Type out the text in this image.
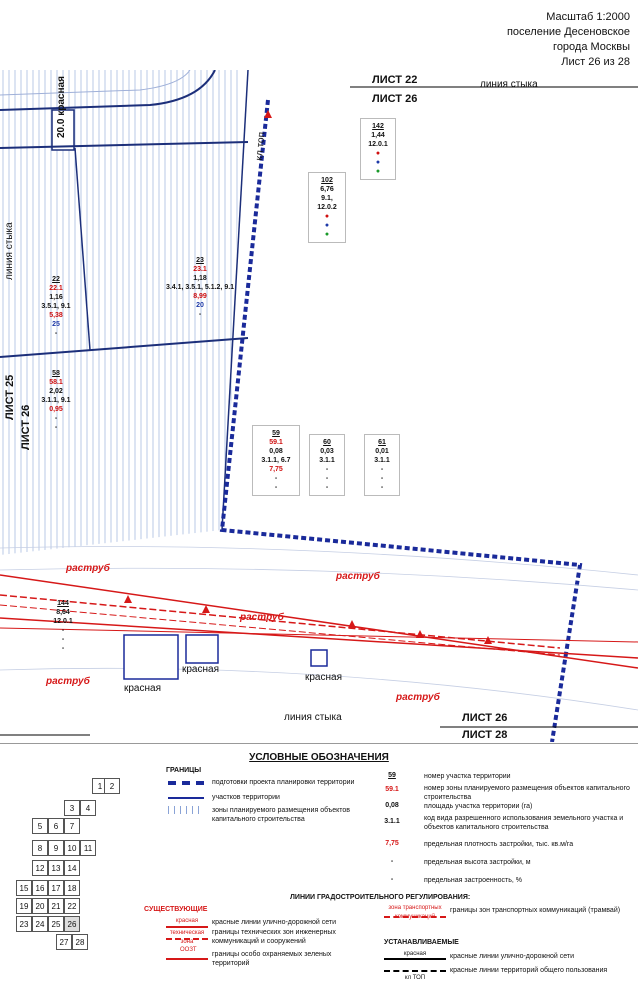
Масштаб 1:2000
поселение Десеновское
города Москвы
Лист 26 из 28
ЛИСТ 22
ЛИСТ 26
линия стыка
ЛИСТ 25
ЛИСТ 26
линия стыка
20.0 красная
кл топ
ЛИСТ 26
ЛИСТ 28
линия стыка
красная
красная
красная
раструб
раструб
раструб
раструб
раструб
142
1,44
12.0.1
●
●
●
102
6,76
9.1,
12.0.2
●
●
●
22
22.1
1,16
3.5.1, 9.1
5,38
25
-
23
23.1
1,18
3.4.1, 3.5.1, 5.1.2, 9.1
8,99
20
-
58
58.1
2,02
3.1.1, 9.1
0,95
-
-
59
59.1
0,08
3.1.1, 6.7
7,75
-
-
60
0,03
3.1.1
-
-
-
61
0,01
3.1.1
-
-
-
144
8,64
12.0.1
-
-
-
УСЛОВНЫЕ ОБОЗНАЧЕНИЯ
1 2
3	4
5	6	7
8	9	10 11
12 13 14
15 16 17 18
19 20 21 22
23 24 25 26
27 28
ГРАНИЦЫ
подготовки проекта планировки территории
участков территории
зоны планируемого размещения объектов капитального строительства
59	номер участка территории
59.1	номер зоны планируемого размещения объектов капитального строительства
0,08	площадь участка территории (га)
3.1.1	код вида разрешенного использования земельного участка и объектов капитального строительства
7,75	предельная плотность застройки, тыс. кв.м/га
-	предельная высота застройки, м
-	предельная застроенность, %
ЛИНИИ ГРАДОСТРОИТЕЛЬНОГО РЕГУЛИРОВАНИЯ:
СУЩЕСТВУЮЩИЕ
красная
техническая зона
красные линии улично-дорожной сети
границы технических зон инженерных коммуникаций и сооружений
ООЗТ
границы особо охраняемых зеленых территорий
зона транспортных коммуникаций
границы зон транспортных коммуникаций (трамвай)
УСТАНАВЛИВАЕМЫЕ
красная	красные линии улично-дорожной сети
кл ТОП
красные линии территорий общего пользования
